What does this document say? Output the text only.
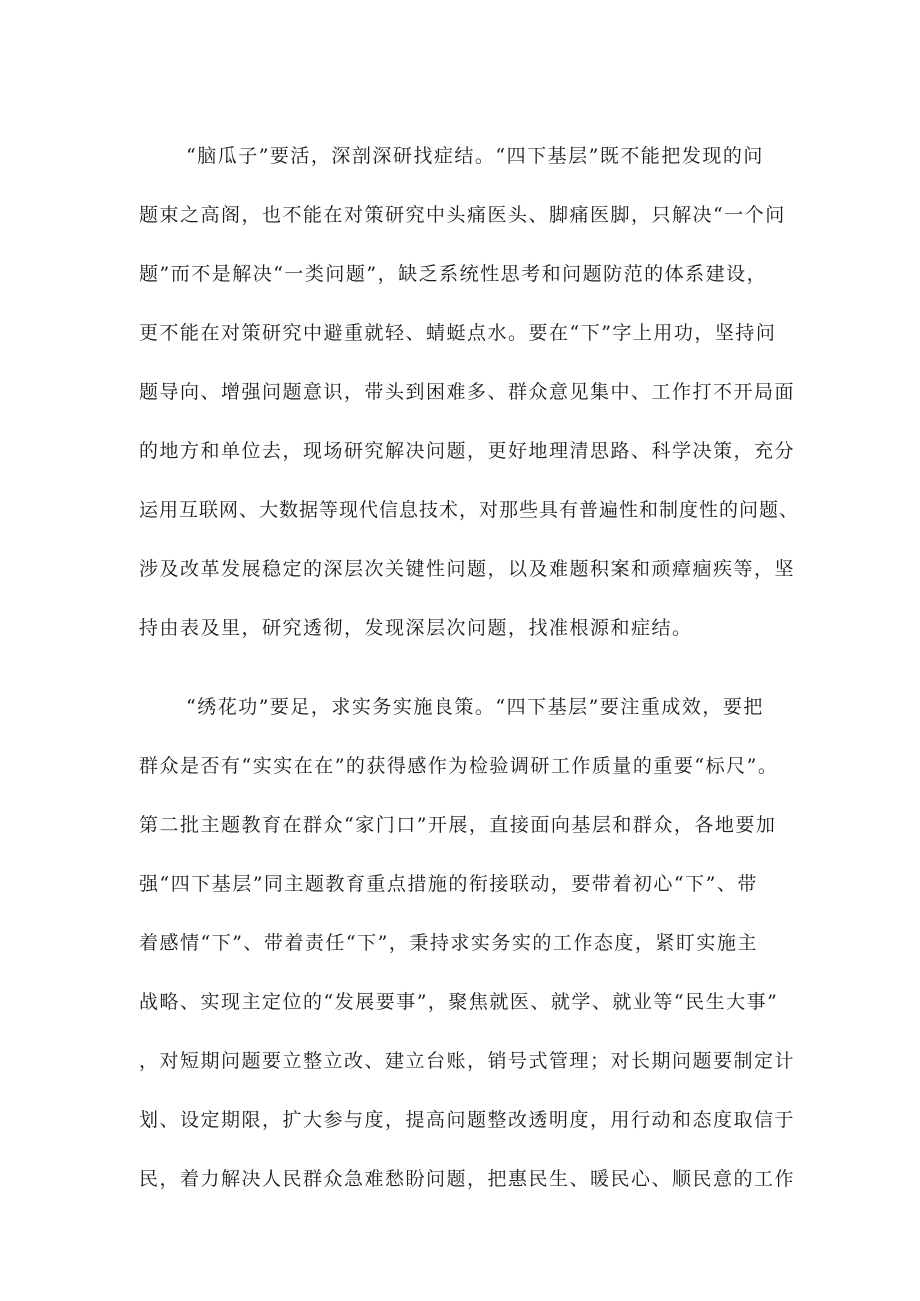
“脑瓜子”要活，深剖深研找症结。“四下基层”既不能把发现的问
题束之高阁，也不能在对策研究中头痛医头、脚痛医脚，只解决“一个问
题”而不是解决“一类问题”，缺乏系统性思考和问题防范的体系建设，
更不能在对策研究中避重就轻、蜻蜓点水。要在“下”字上用功，坚持问
题导向、增强问题意识，带头到困难多、群众意见集中、工作打不开局面
的地方和单位去，现场研究解决问题，更好地理清思路、科学决策，充分
运用互联网、大数据等现代信息技术，对那些具有普遍性和制度性的问题、
涉及改革发展稳定的深层次关键性问题，以及难题积案和顽瘴痼疾等，坚
持由表及里，研究透彻，发现深层次问题，找准根源和症结。
“绣花功”要足，求实务实施良策。“四下基层”要注重成效，要把
群众是否有“实实在在”的获得感作为检验调研工作质量的重要“标尺”。
第二批主题教育在群众“家门口”开展，直接面向基层和群众，各地要加
强“四下基层”同主题教育重点措施的衔接联动，要带着初心“下”、带
着感情“下”、带着责任“下”，秉持求实务实的工作态度，紧盯实施主
战略、实现主定位的“发展要事”，聚焦就医、就学、就业等“民生大事”
，对短期问题要立整立改、建立台账，销号式管理；对长期问题要制定计
划、设定期限，扩大参与度，提高问题整改透明度，用行动和态度取信于
民，着力解决人民群众急难愁盼问题，把惠民生、暖民心、顺民意的工作
